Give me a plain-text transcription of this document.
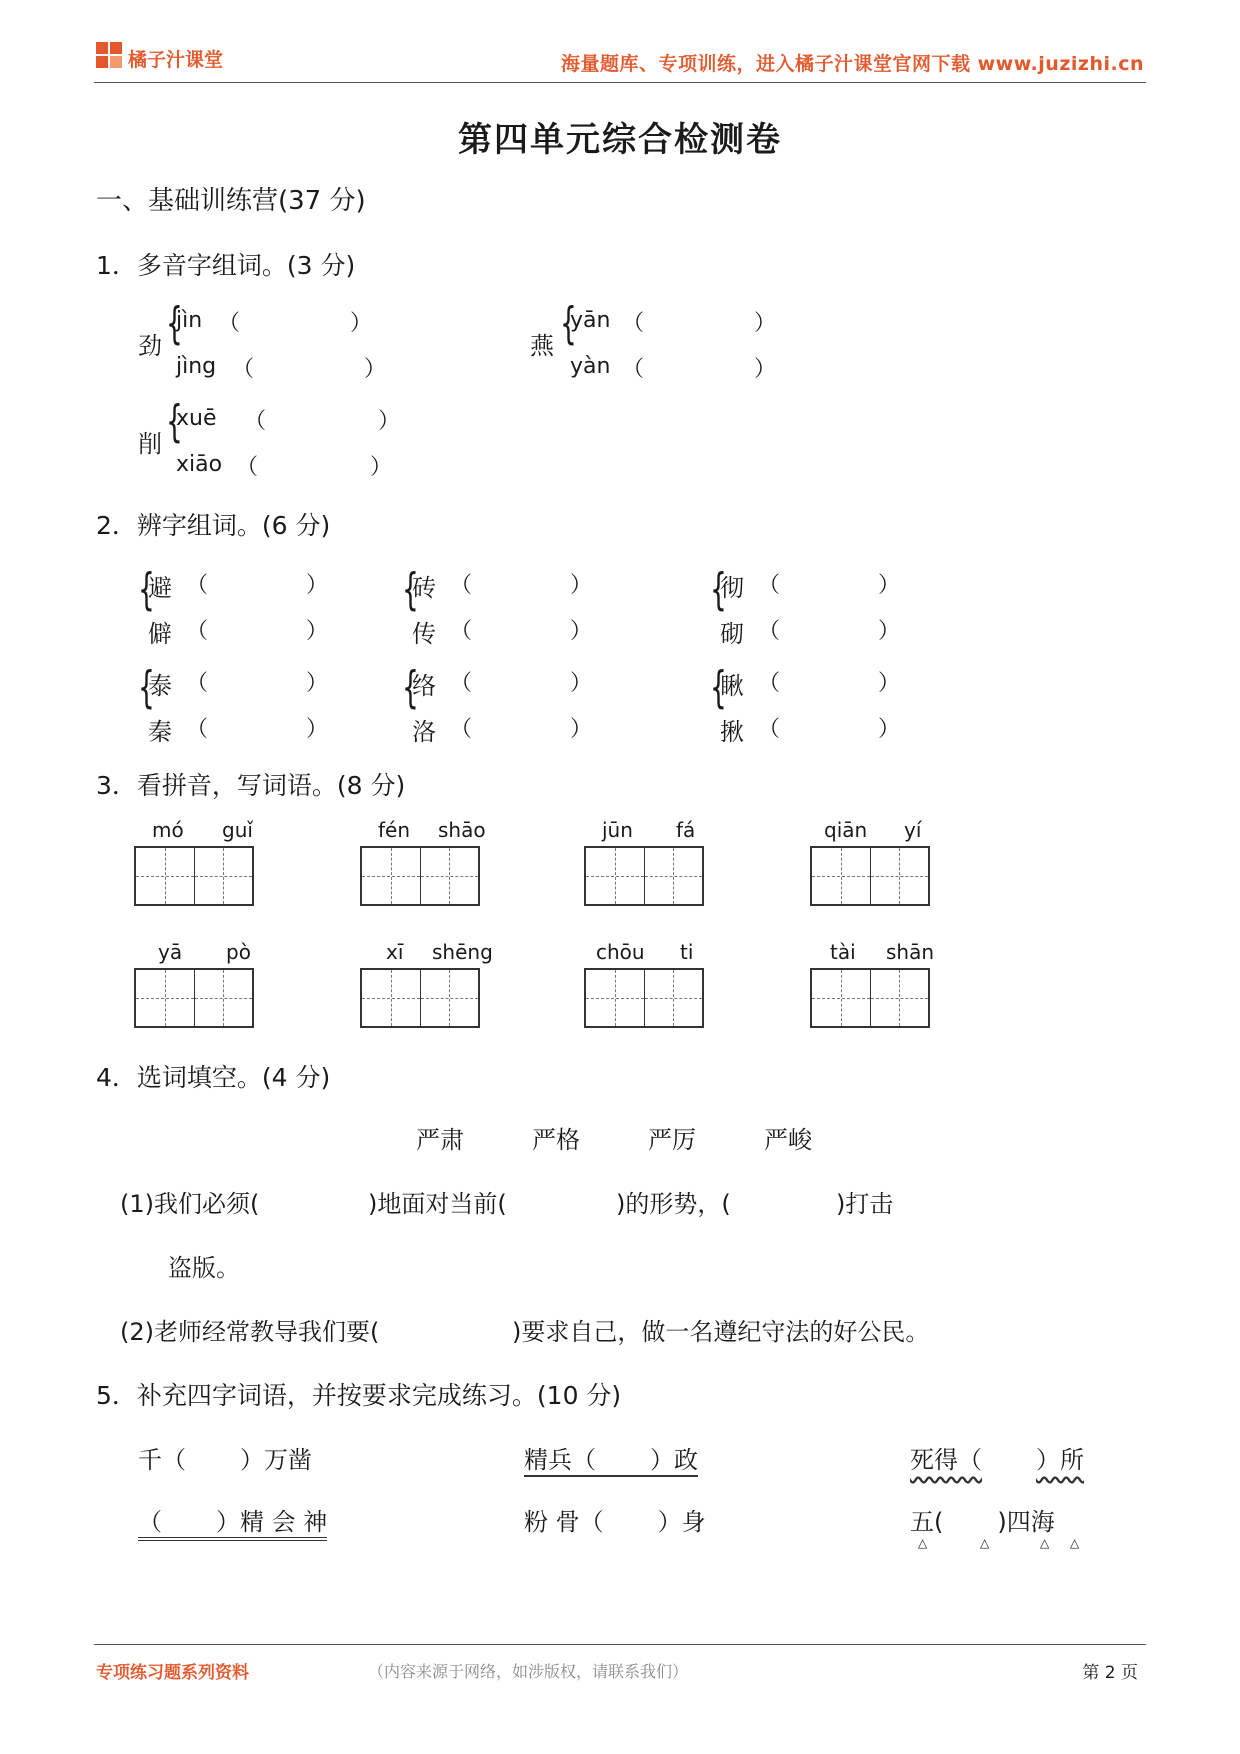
橘子汁课堂	海量题库、专项训练，进入橘子汁课堂官网下载 www.juzizhi.cn
第四单元综合检测卷
一、基础训练营(37 分)
1．多音字组词。(3 分)
劲 {
jìn （	）
jìng （	）
燕 {
yān （	）
yàn （	）
削 {
xuē （	）
xiāo （	）
2．辨字组词。(6 分)
{
避 （	）
僻 （	）
{
砖 （	）
传 （	）
{
彻 （	）
砌 （	）
{
泰 （	）
秦 （	）
{
络 （	）
洛 （	）
{
瞅 （	）
揪 （	）
3．看拼音，写词语。(8 分)
mó guǐ	fén shāo	jūn fá	qiān yí
yā pò	xī shēng	chōu ti	tài shān
4．选词填空。(4 分)
严肃	严格	严厉	严峻
(1)我们必须(	)地面对当前(	)的形势，(	)打击
盗版。
(2)老师经常教导我们要(	)要求自己，做一名遵纪守法的好公民。
5．补充四字词语，并按要求完成练习。(10 分)
千（ ）万凿	精兵（ ）政	死得（ ）所
（ ）精 会 神	粉 骨（ ）身	五( )四海
△	△	△ △
专项练习题系列资料	（内容来源于网络，如涉版权，请联系我们）	第 2 页
